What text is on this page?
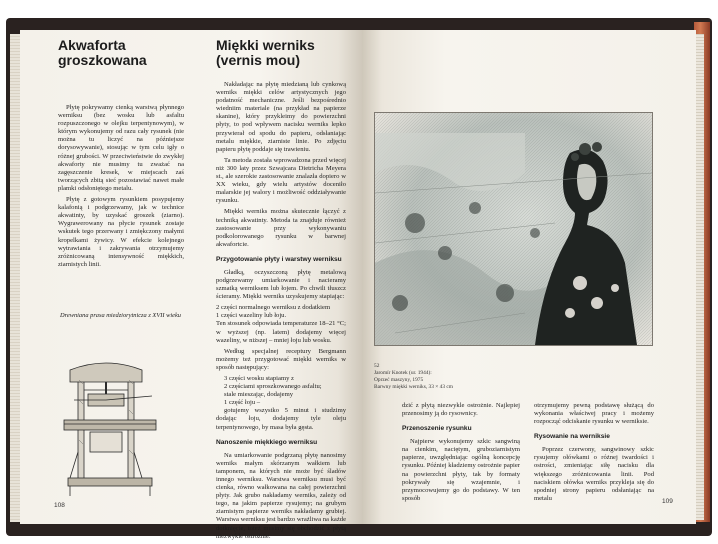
Akwaforta groszkowana

Płytę pokrywamy cienką warstwą płynnego werniksu (bez wosku lub asfaltu rozpuszczonego w olejku terpentynowym), w którym wykonujemy od razu cały rysunek (nie można tu liczyć na późniejsze dorysowywanie), stosując w tym celu igły o różnej grubości. W przeciwieństwie do zwykłej akwaforty nie musimy tu zważać na zagęszczenie kresek, w miejscach zaś tworzących zbitą sieć pozostawiać nawet małe plamki odsłoniętego metalu.

Płytę z gotowym rysunkiem posypujemy kalafonią i podgrzewamy, jak w technice akwatinty, by uzyskać groszek (ziarno). Wygrawerowany na płycie rysunek zostaje wskutek tego przerwany i zmiękczony małymi kropelkami żywicy. W efekcie kolejnego wytrawiania i zakrywania otrzymujemy zróżnicowaną intensywność miękkich, ziarnistych linii.

Drewniana prasa miedziorytnicza z XVII wieku
108
Miękki werniks (vernis mou)

Nakładając na płytę miedzianą lub cynkową werniks miękki celów artystycznych jego podatność mechaniczne. Jeśli bezpośrednio wiedniim materiale (na przykład na papierze skanine), który przykleimy do powierzchni płyty, to pod wpływem nacisku werniks lepko przywierał od spodu do papieru, odsłaniając metalu miękkie, ziarniste linie. Po zdjęciu papieru płytę poddaje się trawieniu.

Ta metoda została wprowadzona przed więcej niż 300 laty przez Szwajcara Dietricha Meyera st., ale szerokie zastosowanie znalazła dopiero w XX wieku, gdy wielu artystów doceniło malarskie jej walory i możliwość oddziaływanie rysunku.

Miękki werniks można skutecznie łączyć z techniką akwatinty. Metoda ta znajduje również zastosowanie przy wykonywaniu podkolorowanego rysunku w barwnej akwafortcie.

Przygotowanie płyty i warstwy werniksu

Gładką, oczyszczoną płytę metalową podgrzewamy umiarkowanie i nacieramy szmatką werniksem lub łojem. Po chwili tłuszcz ścieramy. Miękki werniks uzyskujemy stapiając:

2 części normalnego werniksu z dodatkiem

1 części wazeliny lub łoju.

Ten stosunek odpowiada temperaturze 18–21 °C; w wyższej (np. latem) dodajemy więcej wazeliny, w niższej – mniej łoju lub wosku.

Według specjalnej receptury Bergmann możemy też przygotować miękki werniks w sposób następujący:

3 części wosku stapiamy z

2 częściami sproszkowanego asfaltu;

stale mieszając, dodajemy

1 część łoju –

gotujemy wszystko 5 minut i studzimy dodając łoju, dodajemy tyle oleju terpentynowego, by masa była gęsta.

Nanoszenie miękkiego werniksu

Na umiarkowanie podgrzaną płytę nanosimy werniks małym skórzanym wałkiem lub tamponem, na których nie może być śladów innego werniksu. Warstwa werniksu musi być cienka, równo wałkowana na całej powierzchni płyty. Jak grubo nakładamy werniks, zależy od tego, na jakim papierze rysujemy; na grubym ziarnistym papierze werniks nakładamy grubiej. Warstwa werniksu jest bardzo wrażliwa na każde dotknięcie, toteż musimy się obchodzić z płytą niezwykle ostrożnie.

52
Jaromír Knotek (ur. 1944):
Oprzeć maszyny, 1975
Barwny miękki werniks, 33 × 43 cm

dzić z płytą niezwykle ostrożnie. Najlepiej przenosimy ją do rysownicy.

Przenoszenie rysunku

Najpierw wykonujemy szkic sangwiną na cienkim, naciętym, gruboziarnistym papierze, uwzględniając ogólną koncepcję rysunku. Później kładziemy ostrożnie papier na powierzchni płyty, tak by formaty pokrywały się wzajemnie, i przymocowujemy go do podstawy. W ten sposób

otrzymujemy pewną podstawę służącą do wykonania właściwej pracy i możemy rozpocząć odciskanie rysunku w werniksie.

Rysowanie na werniksie

Poprzez czerwony, sangwinowy szkic rysujemy ołówkami o różnej twardości i ostrości, zmieniając siłę nacisku dla większego zróżnicowania linii. Pod naciskiem ołówka werniks przykleja się do spodniej strony papieru odsłaniając na metalu	109
